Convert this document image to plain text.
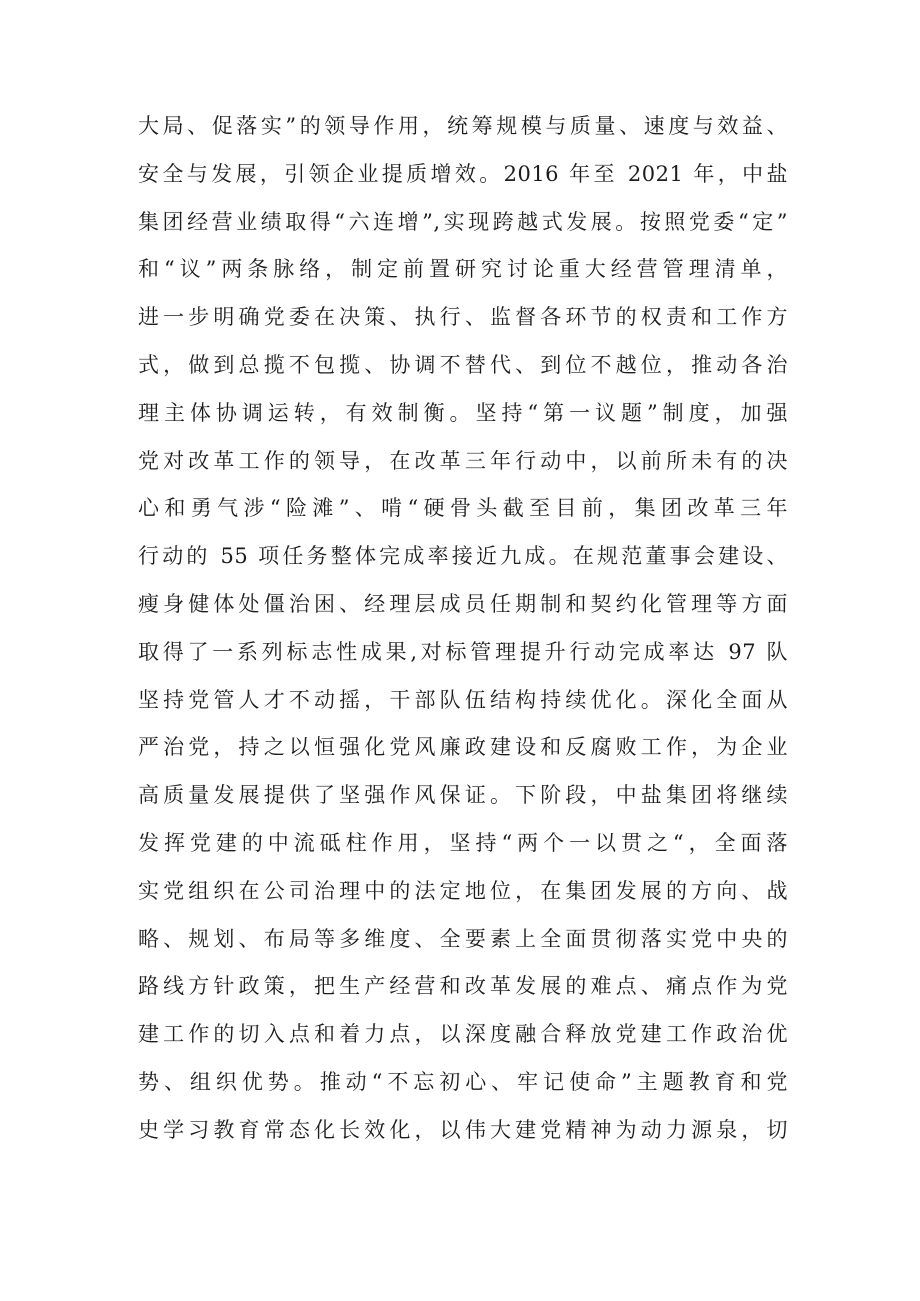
大局、促落实”的领导作用，统筹规模与质量、速度与效益、
安全与发展，引领企业提质增效。2016 年至 2021 年，中盐
集团经营业绩取得“六连增”,实现跨越式发展。按照党委“定”
和“议”两条脉络，制定前置研究讨论重大经营管理清单，
进一步明确党委在决策、执行、监督各环节的权责和工作方
式，做到总揽不包揽、协调不替代、到位不越位，推动各治
理主体协调运转，有效制衡。坚持“第一议题”制度，加强
党对改革工作的领导，在改革三年行动中，以前所未有的决
心和勇气涉“险滩”、啃“硬骨头截至目前，集团改革三年
行动的 55 项任务整体完成率接近九成。在规范董事会建设、
瘦身健体处僵治困、经理层成员任期制和契约化管理等方面
取得了一系列标志性成果,对标管理提升行动完成率达 97 队
坚持党管人才不动摇，干部队伍结构持续优化。深化全面从
严治党，持之以恒强化党风廉政建设和反腐败工作，为企业
高质量发展提供了坚强作风保证。下阶段，中盐集团将继续
发挥党建的中流砥柱作用，坚持“两个一以贯之“，全面落
实党组织在公司治理中的法定地位，在集团发展的方向、战
略、规划、布局等多维度、全要素上全面贯彻落实党中央的
路线方针政策，把生产经营和改革发展的难点、痛点作为党
建工作的切入点和着力点，以深度融合释放党建工作政治优
势、组织优势。推动“不忘初心、牢记使命”主题教育和党
史学习教育常态化长效化，以伟大建党精神为动力源泉，切
